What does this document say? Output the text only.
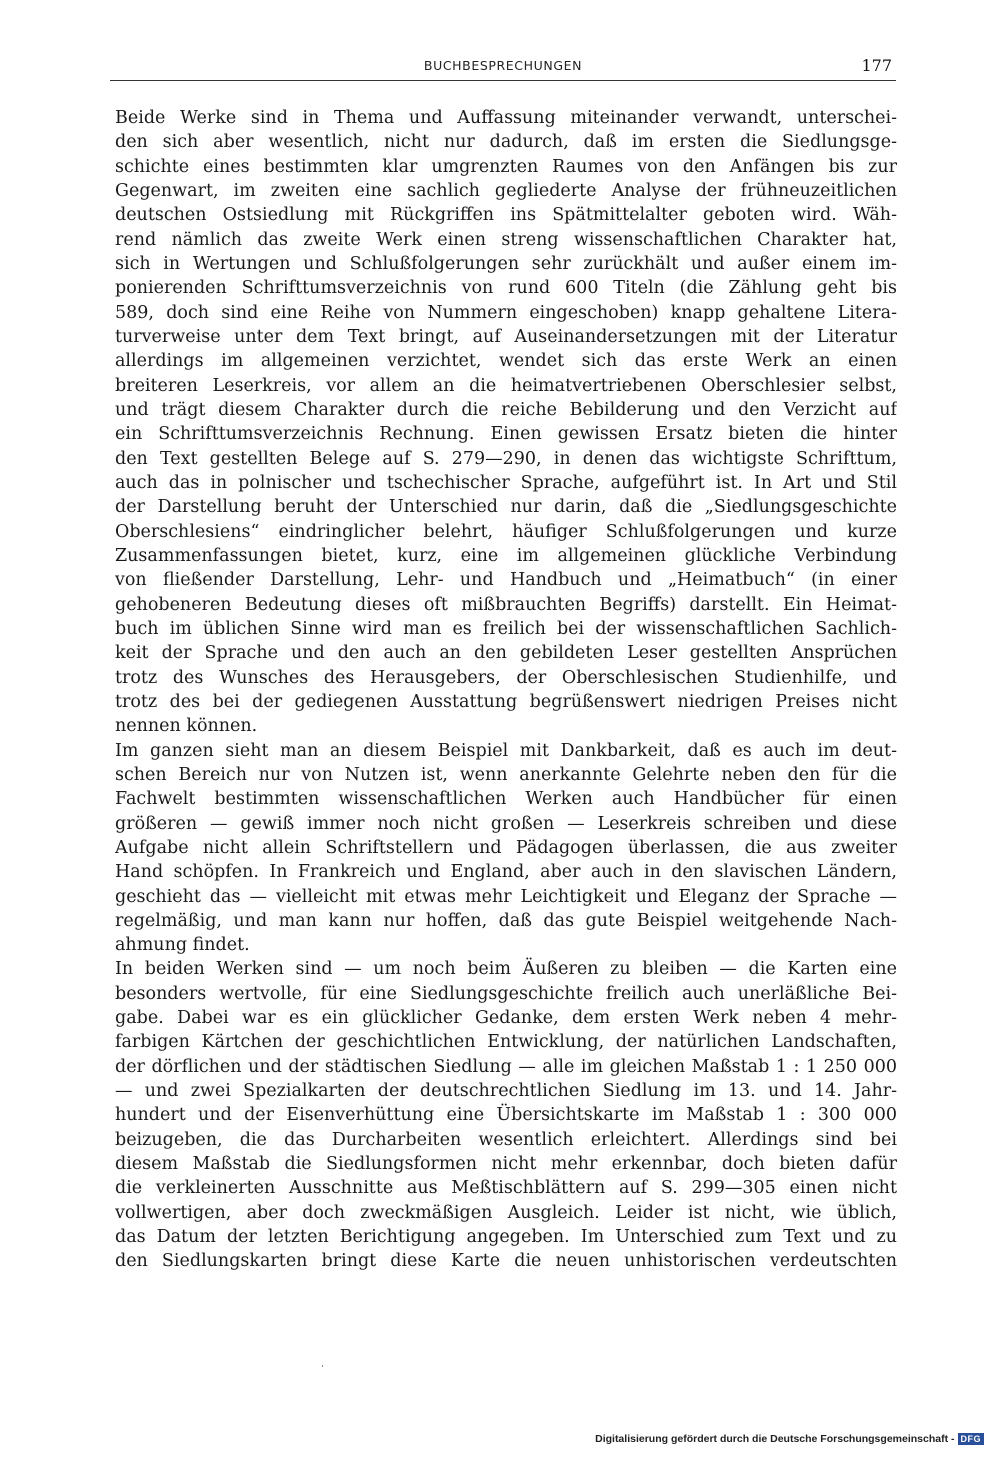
BUCHBESPRECHUNGEN	177
Beide Werke sind in Thema und Auffassung miteinander verwandt, unterschei-
den sich aber wesentlich, nicht nur dadurch, daß im ersten die Siedlungsge-
schichte eines bestimmten klar umgrenzten Raumes von den Anfängen bis zur
Gegenwart, im zweiten eine sachlich gegliederte Analyse der frühneuzeitlichen
deutschen Ostsiedlung mit Rückgriffen ins Spätmittelalter geboten wird. Wäh-
rend nämlich das zweite Werk einen streng wissenschaftlichen Charakter hat,
sich in Wertungen und Schlußfolgerungen sehr zurückhält und außer einem im-
ponierenden Schrifttumsverzeichnis von rund 600 Titeln (die Zählung geht bis
589, doch sind eine Reihe von Nummern eingeschoben) knapp gehaltene Litera-
turverweise unter dem Text bringt, auf Auseinandersetzungen mit der Literatur
allerdings im allgemeinen verzichtet, wendet sich das erste Werk an einen
breiteren Leserkreis, vor allem an die heimatvertriebenen Oberschlesier selbst,
und trägt diesem Charakter durch die reiche Bebilderung und den Verzicht auf
ein Schrifttumsverzeichnis Rechnung. Einen gewissen Ersatz bieten die hinter
den Text gestellten Belege auf S. 279—290, in denen das wichtigste Schrifttum,
auch das in polnischer und tschechischer Sprache, aufgeführt ist. In Art und Stil
der Darstellung beruht der Unterschied nur darin, daß die „Siedlungsgeschichte
Oberschlesiens“ eindringlicher belehrt, häufiger Schlußfolgerungen und kurze
Zusammenfassungen bietet, kurz, eine im allgemeinen glückliche Verbindung
von fließender Darstellung, Lehr- und Handbuch und „Heimatbuch“ (in einer
gehobeneren Bedeutung dieses oft mißbrauchten Begriffs) darstellt. Ein Heimat-
buch im üblichen Sinne wird man es freilich bei der wissenschaftlichen Sachlich-
keit der Sprache und den auch an den gebildeten Leser gestellten Ansprüchen
trotz des Wunsches des Herausgebers, der Oberschlesischen Studienhilfe, und
trotz des bei der gediegenen Ausstattung begrüßenswert niedrigen Preises nicht
nennen können.
Im ganzen sieht man an diesem Beispiel mit Dankbarkeit, daß es auch im deut-
schen Bereich nur von Nutzen ist, wenn anerkannte Gelehrte neben den für die
Fachwelt bestimmten wissenschaftlichen Werken auch Handbücher für einen
größeren — gewiß immer noch nicht großen — Leserkreis schreiben und diese
Aufgabe nicht allein Schriftstellern und Pädagogen überlassen, die aus zweiter
Hand schöpfen. In Frankreich und England, aber auch in den slavischen Ländern,
geschieht das — vielleicht mit etwas mehr Leichtigkeit und Eleganz der Sprache —
regelmäßig, und man kann nur hoffen, daß das gute Beispiel weitgehende Nach-
ahmung findet.
In beiden Werken sind — um noch beim Äußeren zu bleiben — die Karten eine
besonders wertvolle, für eine Siedlungsgeschichte freilich auch unerläßliche Bei-
gabe. Dabei war es ein glücklicher Gedanke, dem ersten Werk neben 4 mehr-
farbigen Kärtchen der geschichtlichen Entwicklung, der natürlichen Landschaften,
der dörflichen und der städtischen Siedlung — alle im gleichen Maßstab 1 : 1 250 000
— und zwei Spezialkarten der deutschrechtlichen Siedlung im 13. und 14. Jahr-
hundert und der Eisenverhüttung eine Übersichtskarte im Maßstab 1 : 300 000
beizugeben, die das Durcharbeiten wesentlich erleichtert. Allerdings sind bei
diesem Maßstab die Siedlungsformen nicht mehr erkennbar, doch bieten dafür
die verkleinerten Ausschnitte aus Meßtischblättern auf S. 299—305 einen nicht
vollwertigen, aber doch zweckmäßigen Ausgleich. Leider ist nicht, wie üblich,
das Datum der letzten Berichtigung angegeben. Im Unterschied zum Text und zu
den Siedlungskarten bringt diese Karte die neuen unhistorischen verdeutschten
Digitalisierung gefördert durch die Deutsche Forschungsgemeinschaft - DFG
